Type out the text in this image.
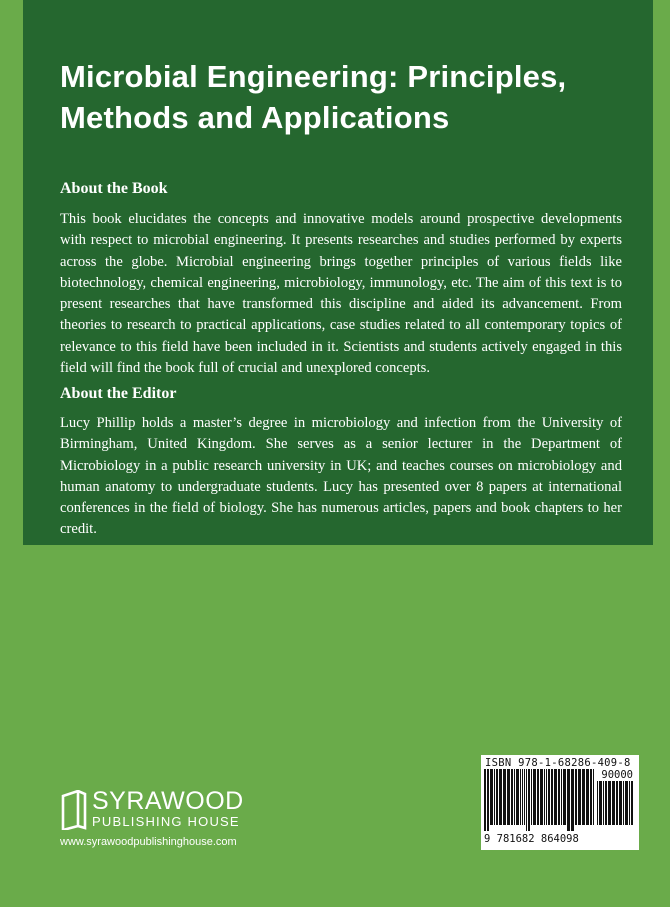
Microbial Engineering: Principles, Methods and Applications
About the Book

This book elucidates the concepts and innovative models around prospective developments with respect to microbial engineering. It presents researches and studies performed by experts across the globe. Microbial engineering brings together principles of various fields like biotechnology, chemical engineering, microbiology, immunology, etc. The aim of this text is to present researches that have transformed this discipline and aided its advancement. From theories to research to practical applications, case studies related to all contemporary topics of relevance to this field have been included in it. Scientists and students actively engaged in this field will find the book full of crucial and unexplored concepts.

About the Editor

Lucy Phillip holds a master’s degree in microbiology and infection from the University of Birmingham, United Kingdom. She serves as a senior lecturer in the Department of Microbiology in a public research university in UK; and teaches courses on microbiology and human anatomy to undergraduate students. Lucy has presented over 8 papers at international conferences in the field of biology. She has numerous articles, papers and book chapters to her credit.

SYRAWOOD
PUBLISHING HOUSE
www.syrawoodpublishinghouse.com
ISBN 978-1-68286-409-8
90000
9 781682 864098
